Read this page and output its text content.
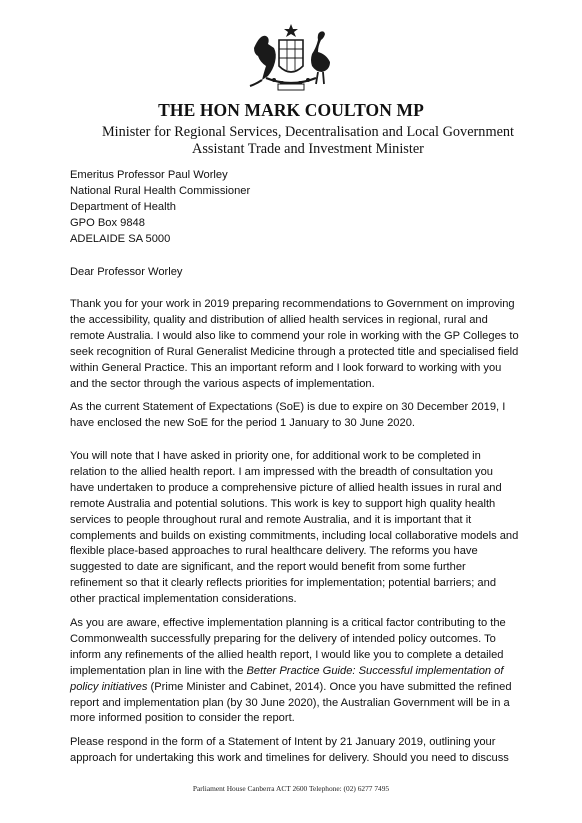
THE HON MARK COULTON MP
Minister for Regional Services, Decentralisation and Local Government
Assistant Trade and Investment Minister
Emeritus Professor Paul Worley
National Rural Health Commissioner
Department of Health
GPO Box 9848
ADELAIDE SA 5000
Dear Professor Worley
Thank you for your work in 2019 preparing recommendations to Government on improving
the accessibility, quality and distribution of allied health services in regional, rural and
remote Australia. I would also like to commend your role in working with the GP Colleges to
seek recognition of Rural Generalist Medicine through a protected title and specialised field
within General Practice. This an important reform and I look forward to working with you
and the sector through the various aspects of implementation.
As the current Statement of Expectations (SoE) is due to expire on 30 December 2019, I
have enclosed the new SoE for the period 1 January to 30 June 2020.
You will note that I have asked in priority one, for additional work to be completed in
relation to the allied health report. I am impressed with the breadth of consultation you
have undertaken to produce a comprehensive picture of allied health issues in rural and
remote Australia and potential solutions. This work is key to support high quality health
services to people throughout rural and remote Australia, and it is important that it
complements and builds on existing commitments, including local collaborative models and
flexible place-based approaches to rural healthcare delivery. The reforms you have
suggested to date are significant, and the report would benefit from some further
refinement so that it clearly reflects priorities for implementation; potential barriers; and
other practical implementation considerations.
As you are aware, effective implementation planning is a critical factor contributing to the
Commonwealth successfully preparing for the delivery of intended policy outcomes. To
inform any refinements of the allied health report, I would like you to complete a detailed
implementation plan in line with the Better Practice Guide: Successful implementation of
policy initiatives (Prime Minister and Cabinet, 2014). Once you have submitted the refined
report and implementation plan (by 30 June 2020), the Australian Government will be in a
more informed position to consider the report.
Please respond in the form of a Statement of Intent by 21 January 2019, outlining your
approach for undertaking this work and timelines for delivery. Should you need to discuss
Parliament House Canberra ACT 2600 Telephone: (02) 6277 7495
